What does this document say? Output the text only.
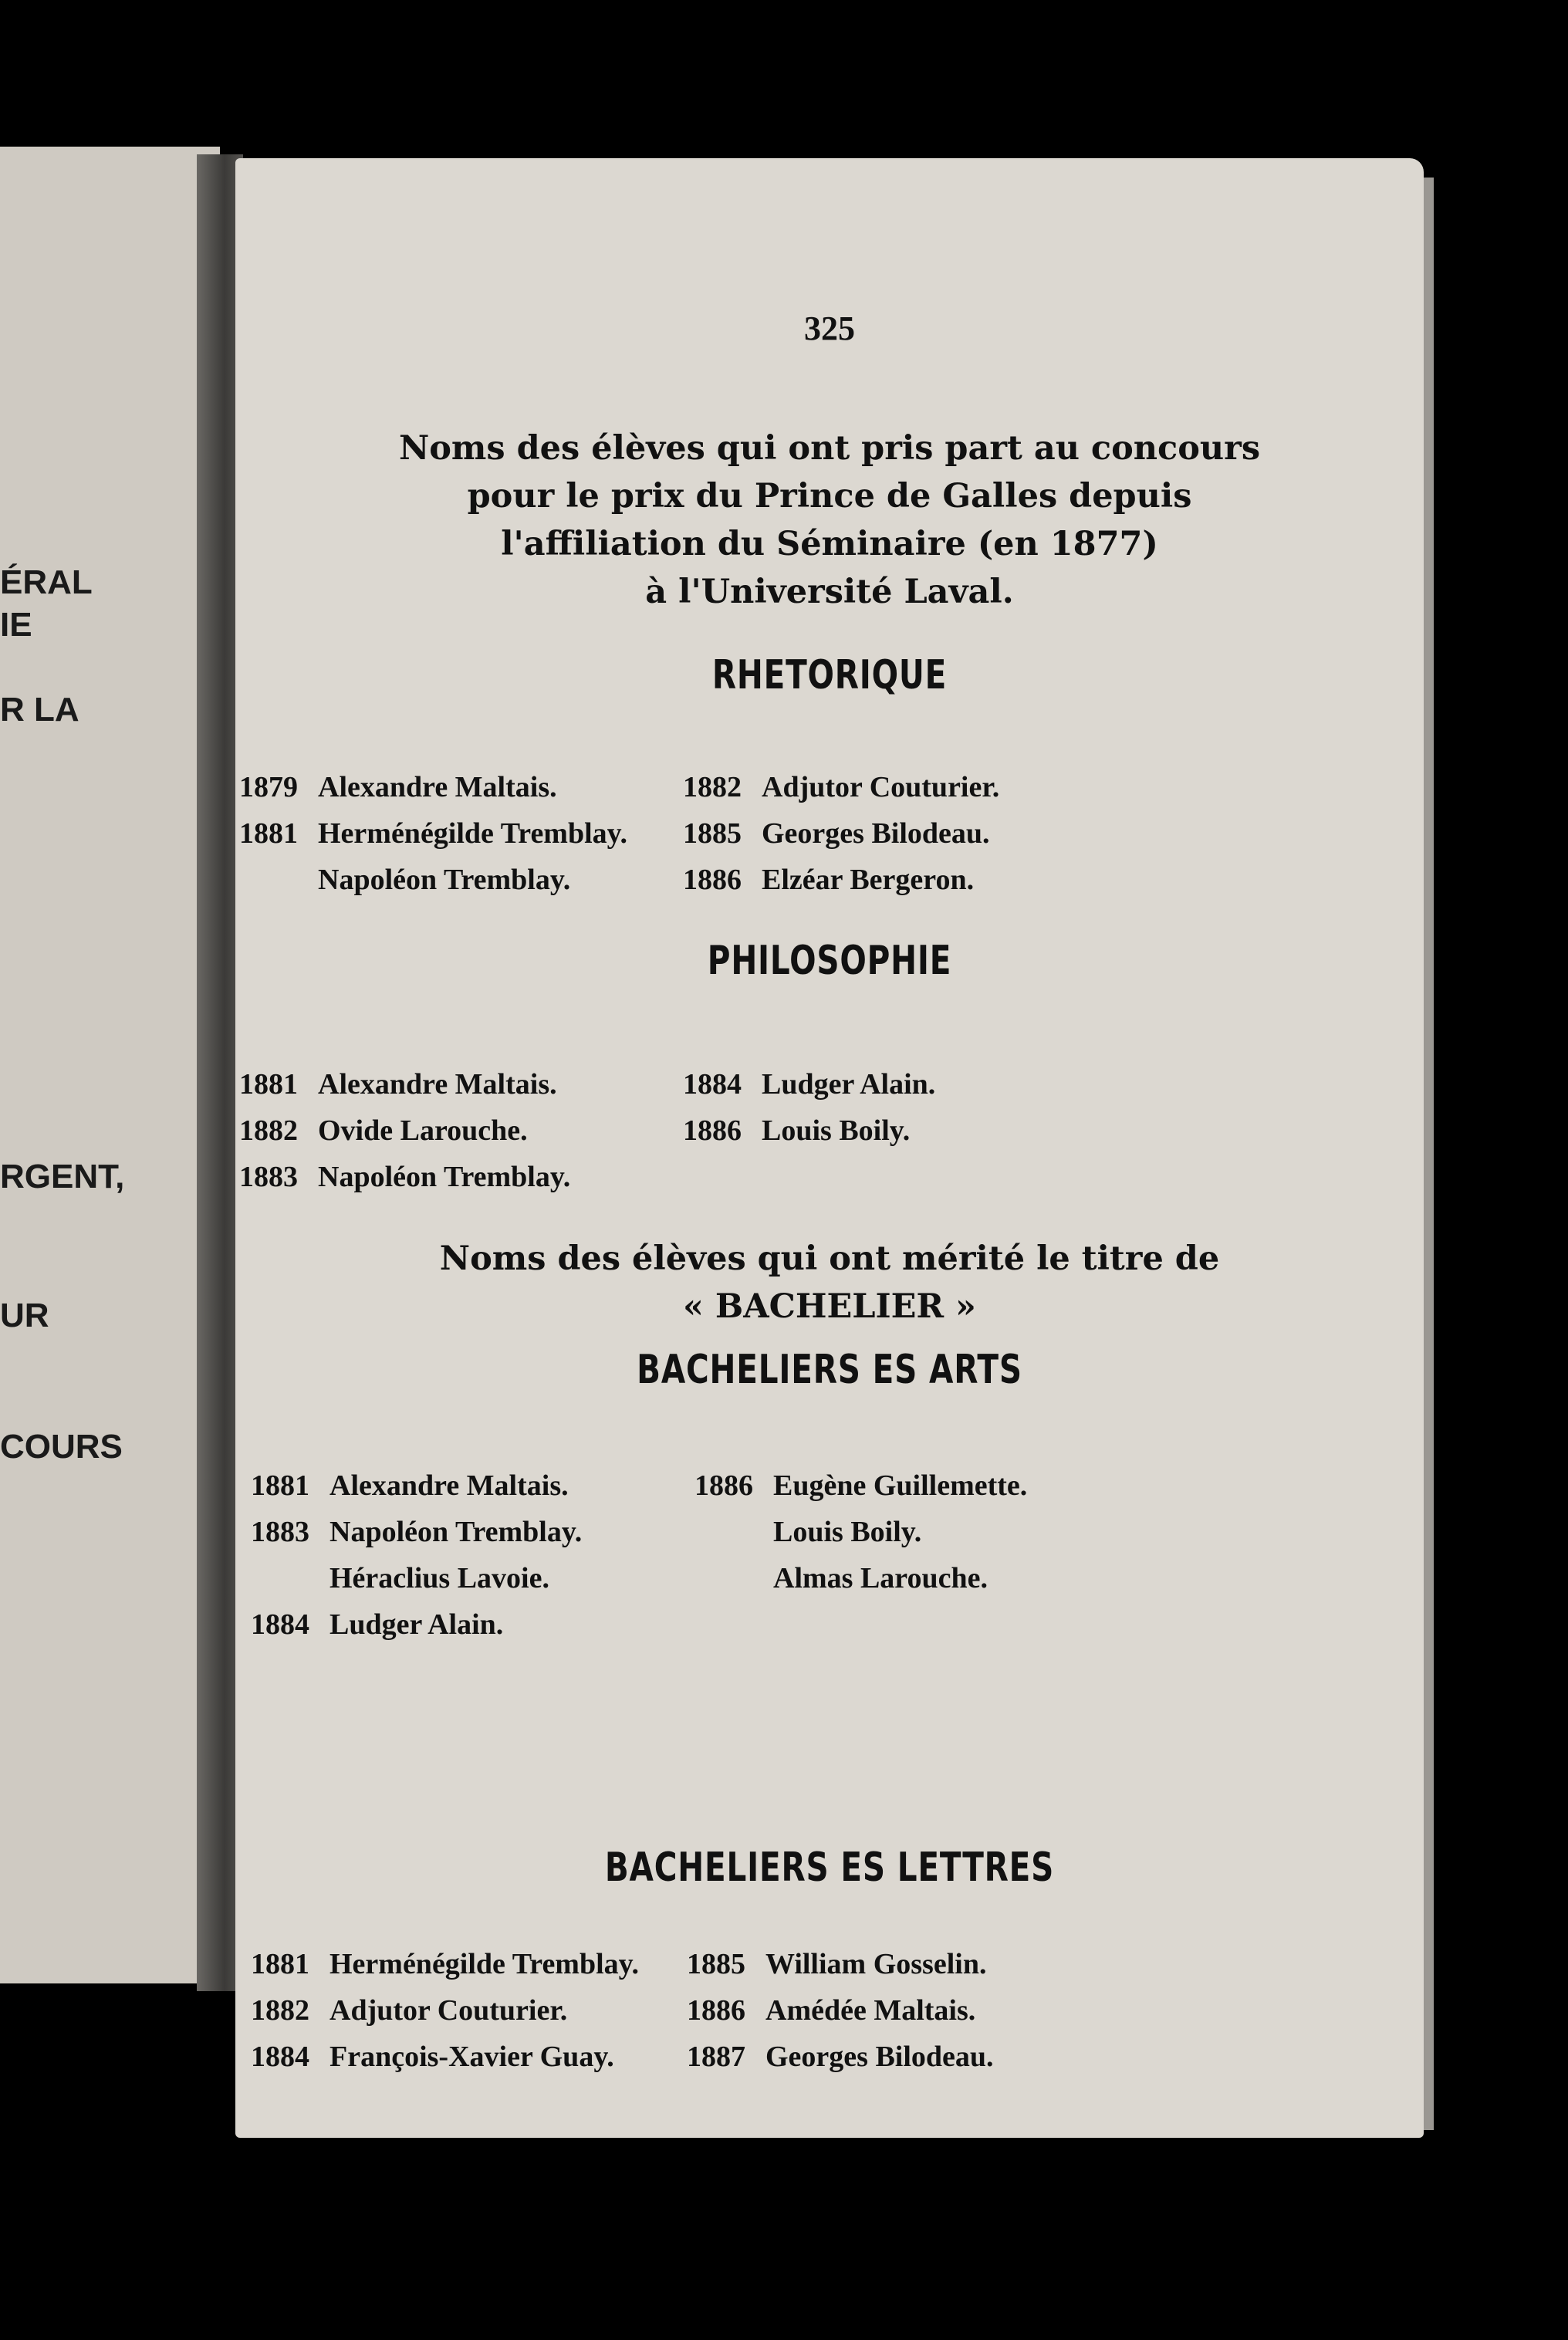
ÉRAL
IE
R LA
RGENT,
UR
COURS
325
Noms des élèves qui ont pris part au concours
pour le prix du Prince de Galles depuis
l'affiliation du Séminaire (en 1877)
à l'Université Laval.
RHETORIQUE
1879 Alexandre Maltais.
1881 Herménégilde Tremblay.
Napoléon Tremblay.
1882 Adjutor Couturier.
1885 Georges Bilodeau.
1886 Elzéar Bergeron.
PHILOSOPHIE
1881 Alexandre Maltais.
1882 Ovide Larouche.
1883 Napoléon Tremblay.
1884 Ludger Alain.
1886 Louis Boily.
Noms des élèves qui ont mérité le titre de
« BACHELIER »
BACHELIERS ES ARTS
1881 Alexandre Maltais.
1883 Napoléon Tremblay.
Héraclius Lavoie.
1884 Ludger Alain.
1886 Eugène Guillemette.
Louis Boily.
Almas Larouche.
BACHELIERS ES LETTRES
1881 Herménégilde Tremblay.
1882 Adjutor Couturier.
1884 François-Xavier Guay.
1885 William Gosselin.
1886 Amédée Maltais.
1887 Georges Bilodeau.
